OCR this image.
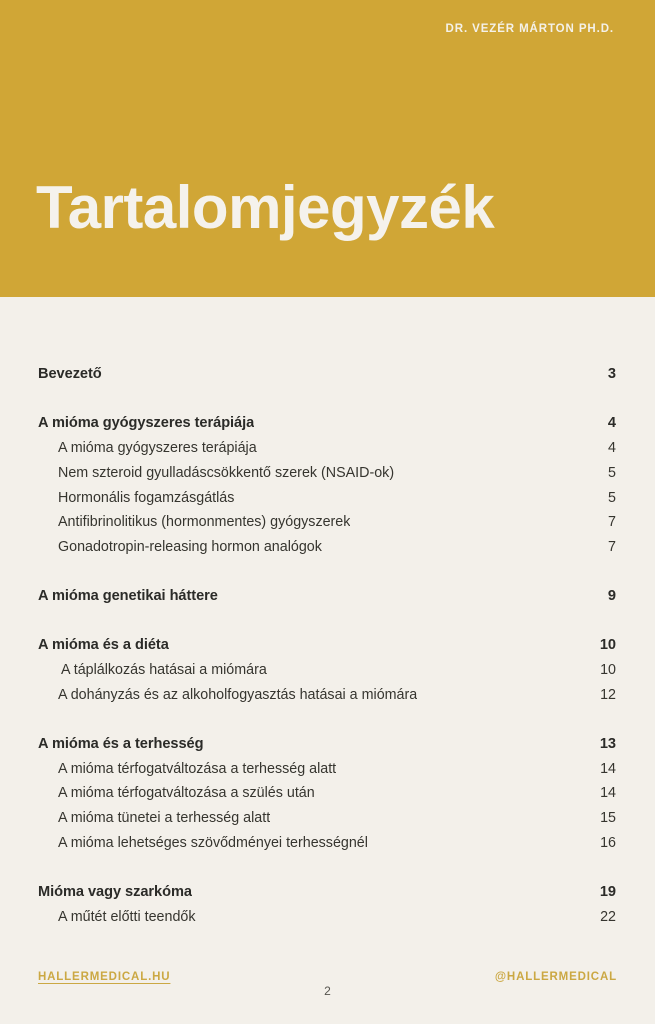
DR. VEZÉR MÁRTON PH.D.
Tartalomjegyzék
Bevezető	3
A mióma gyógyszeres terápiája	4
A mióma gyógyszeres terápiája	4
Nem szteroid gyulladáscsökkentő szerek (NSAID-ok)	5
Hormonális fogamzásgátlás	5
Antifibrinolitikus (hormonmentes) gyógyszerek	7
Gonadotropin-releasing hormon analógok	7
A mióma genetikai háttere	9
A mióma és a diéta	10
A táplálkozás hatásai a miómára	10
A dohányzás és az alkoholfogyasztás hatásai a miómára	12
A mióma és a terhesség	13
A mióma térfogatváltozása a terhesség alatt	14
A mióma térfogatváltozása a szülés után	14
A mióma tünetei a terhesség alatt	15
A mióma lehetséges szövődményei terhességnél	16
Mióma vagy szarkóma	19
A műtét előtti teendők	22
HALLERMEDICAL.HU
2
@HALLERMEDICAL
